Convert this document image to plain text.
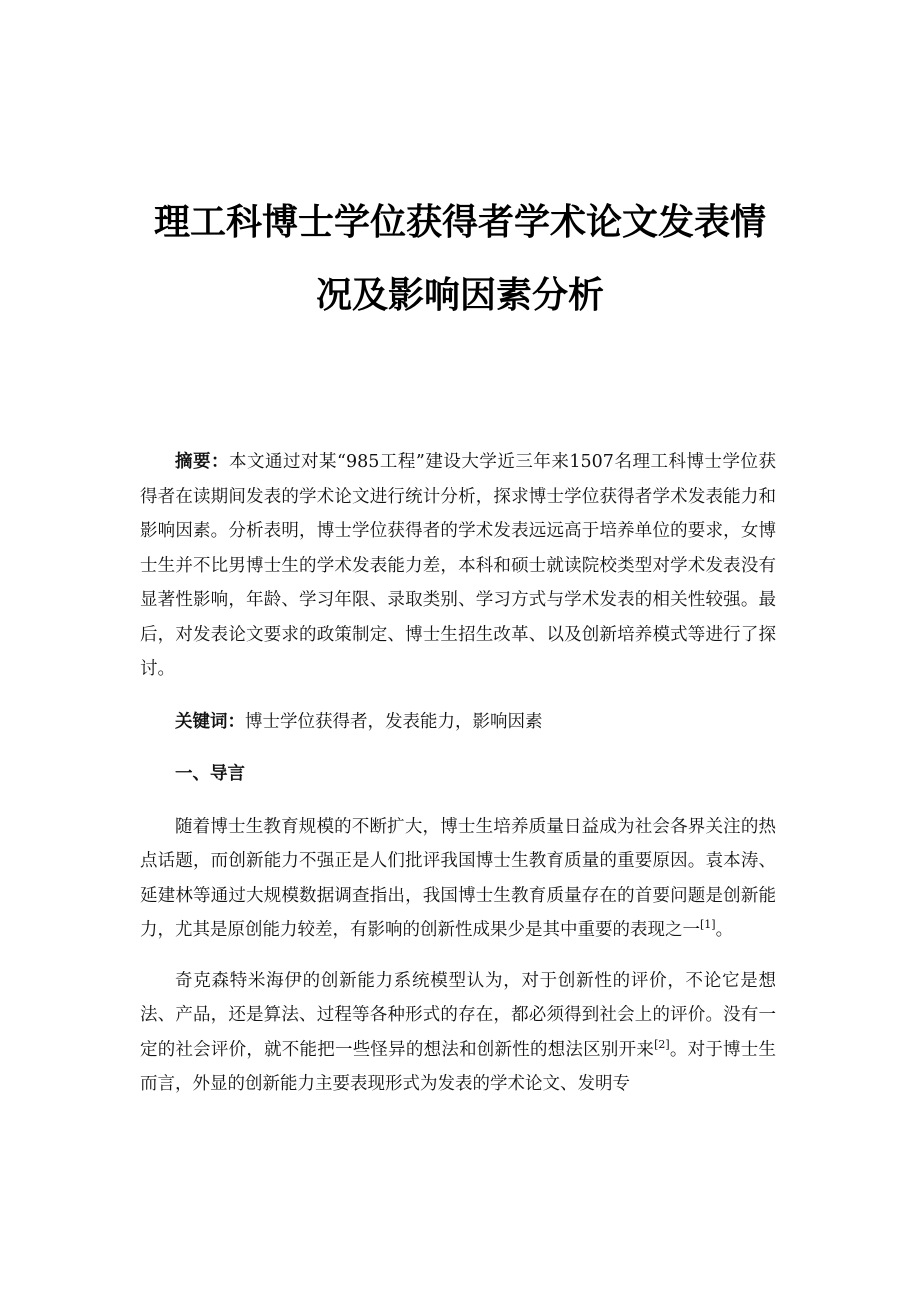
理工科博士学位获得者学术论文发表情
况及影响因素分析

摘要：本文通过对某“985工程”建设大学近三年来1507名理工科博士学位获得者在读期间发表的学术论文进行统计分析，探求博士学位获得者学术发表能力和影响因素。分析表明，博士学位获得者的学术发表远远高于培养单位的要求，女博士生并不比男博士生的学术发表能力差，本科和硕士就读院校类型对学术发表没有显著性影响，年龄、学习年限、录取类别、学习方式与学术发表的相关性较强。最后，对发表论文要求的政策制定、博士生招生改革、以及创新培养模式等进行了探讨。

关键词：博士学位获得者，发表能力，影响因素

一、导言

随着博士生教育规模的不断扩大，博士生培养质量日益成为社会各界关注的热点话题，而创新能力不强正是人们批评我国博士生教育质量的重要原因。袁本涛、延建林等通过大规模数据调查指出，我国博士生教育质量存在的首要问题是创新能力，尤其是原创能力较差，有影响的创新性成果少是其中重要的表现之一[1]。

奇克森特米海伊的创新能力系统模型认为，对于创新性的评价，不论它是想法、产品，还是算法、过程等各种形式的存在，都必须得到社会上的评价。没有一定的社会评价，就不能把一些怪异的想法和创新性的想法区别开来[2]。对于博士生而言，外显的创新能力主要表现形式为发表的学术论文、发明专
